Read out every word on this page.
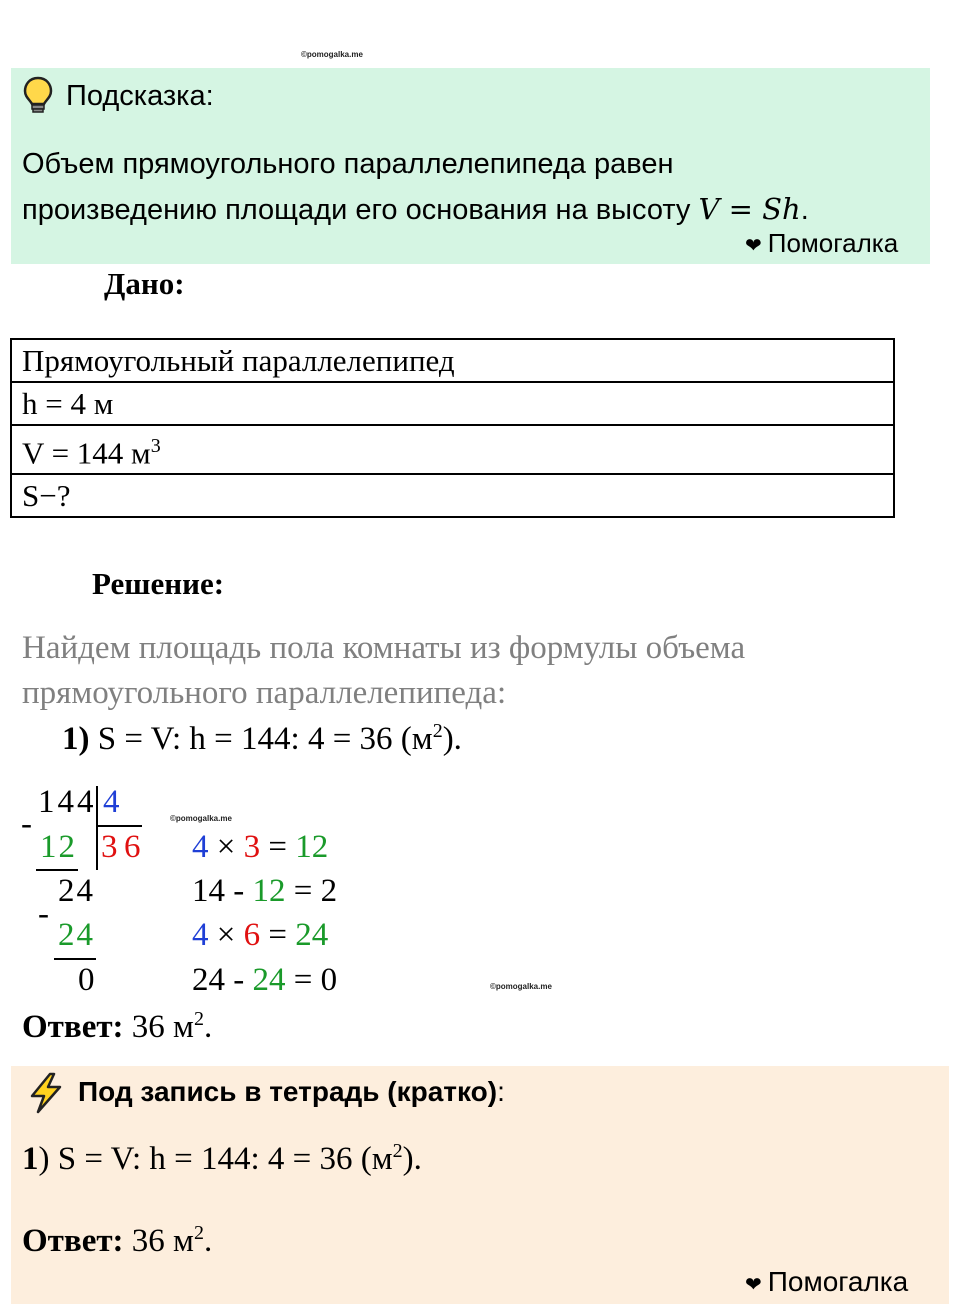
©pomogalka.me
Подсказка:
Объем прямоугольного параллелепипеда равен
произведению площади его основания на высоту V = Sh.
❤ Помогалка
Дано:
Прямоугольный параллелепипед
h = 4 м
V = 144 $м^3$
S−?
Решение:
Найдем площадь пола комнаты из формулы объема
прямоугольного параллелепипеда:
1) S = V: h = 144: 4 = 36 $(м^2)$.
144 4
3 6
©pomogalka.me
-
12
24
-
24
0
4 × 3 = 12
14 - 12 = 2
4 × 6 = 24
24 - 24 = 0	©pomogalka.me
Ответ: 36 $м^2$.
Под запись в тетрадь (кратко):
1) S = V: h = 144: 4 = 36 $(м^2)$.
Ответ: 36 $м^2$.
❤ Помогалка
